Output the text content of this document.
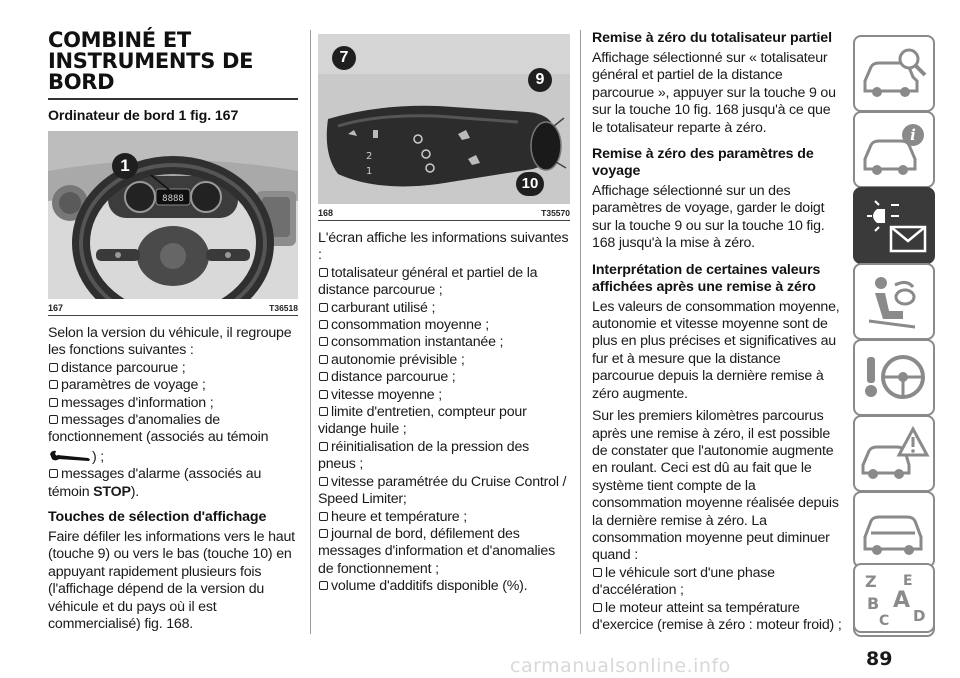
COMBINÉ ET
INSTRUMENTS DE
BORD
Ordinateur de bord 1 fig. 167
8888
1
167	T36518
Selon la version du véhicule, il regroupe les fonctions suivantes :
distance parcourue ;
paramètres de voyage ;
messages d'information ;
messages d'anomalies de fonctionnement (associés au témoin
) ;
messages d'alarme (associés au témoin STOP).
Touches de sélection d'affichage
Faire défiler les informations vers le haut (touche 9) ou vers le bas (touche 10) en appuyant rapidement plusieurs fois (l'affichage dépend de la version du véhicule et du pays où il est commercialisé) fig. 168.
2
1
7
9
10
168	T35570
L'écran affiche les informations suivantes :
totalisateur général et partiel de la distance parcourue ;
carburant utilisé ;
consommation moyenne ;
consommation instantanée ;
autonomie prévisible ;
distance parcourue ;
vitesse moyenne ;
limite d'entretien, compteur pour vidange huile ;
réinitialisation de la pression des pneus ;
vitesse paramétrée du Cruise Control / Speed Limiter;
heure et température ;
journal de bord, défilement des messages d'information et d'anomalies de fonctionnement ;
volume d'additifs disponible (%).
Remise à zéro du totalisateur partiel
Affichage sélectionné sur « totalisateur général et partiel de la distance parcourue », appuyer sur la touche 9 ou sur la touche 10 fig. 168 jusqu'à ce que le totalisateur reparte à zéro.
Remise à zéro des paramètres de voyage
Affichage sélectionné sur un des paramètres de voyage, garder le doigt sur la touche 9 ou sur la touche 10 fig. 168 jusqu'à la mise à zéro.
Interprétation de certaines valeurs affichées après une remise à zéro
Les valeurs de consommation moyenne, autonomie et vitesse moyenne sont de plus en plus précises et significatives au fur et à mesure que la distance parcourue depuis la dernière remise à zéro augmente.
Sur les premiers kilomètres parcourus après une remise à zéro, il est possible de constater que l'autonomie augmente en roulant. Ceci est dû au fait que le système tient compte de la consommation moyenne réalisée depuis la dernière remise à zéro. La consommation moyenne peut diminuer quand :
le véhicule sort d'une phase d'accélération ;
le moteur atteint sa température d'exercice (remise à zéro : moteur froid) ;
i
Z E
B A
C D
carmanualsonline.info	89
